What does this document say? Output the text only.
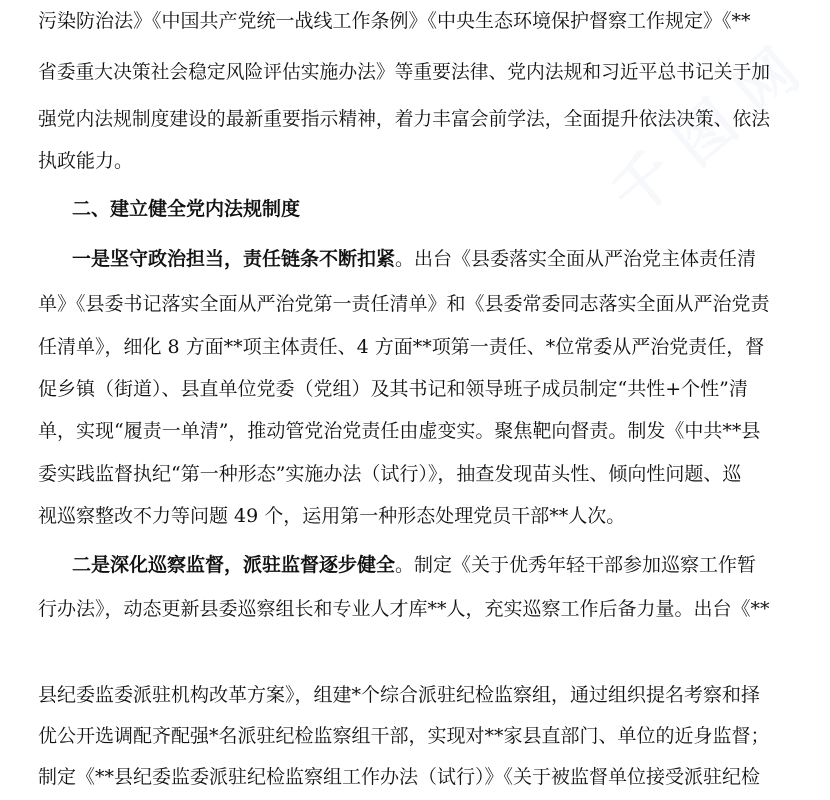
千图网
污染防治法》《中国共产党统一战线工作条例》《中央生态环境保护督察工作规定》《**
省委重大决策社会稳定风险评估实施办法》等重要法律、党内法规和习近平总书记关于加
强党内法规制度建设的最新重要指示精神，着力丰富会前学法，全面提升依法决策、依法
执政能力。
二、建立健全党内法规制度
一是坚守政治担当，责任链条不断扣紧。出台《县委落实全面从严治党主体责任清
单》《县委书记落实全面从严治党第一责任清单》和《县委常委同志落实全面从严治党责
任清单》，细化 8 方面**项主体责任、4 方面**项第一责任、*位常委从严治党责任，督
促乡镇（街道）、县直单位党委（党组）及其书记和领导班子成员制定“共性+个性”清
单，实现“履责一单清”，推动管党治党责任由虚变实。聚焦靶向督责。制发《中共**县
委实践监督执纪“第一种形态”实施办法（试行）》，抽查发现苗头性、倾向性问题、巡
视巡察整改不力等问题 49 个，运用第一种形态处理党员干部**人次。
二是深化巡察监督，派驻监督逐步健全。制定《关于优秀年轻干部参加巡察工作暂
行办法》，动态更新县委巡察组长和专业人才库**人，充实巡察工作后备力量。出台《**
县纪委监委派驻机构改革方案》，组建*个综合派驻纪检监察组，通过组织提名考察和择
优公开选调配齐配强*名派驻纪检监察组干部，实现对**家县直部门、单位的近身监督；
制定《**县纪委监委派驻纪检监察组工作办法（试行）》《关于被监督单位接受派驻纪检
